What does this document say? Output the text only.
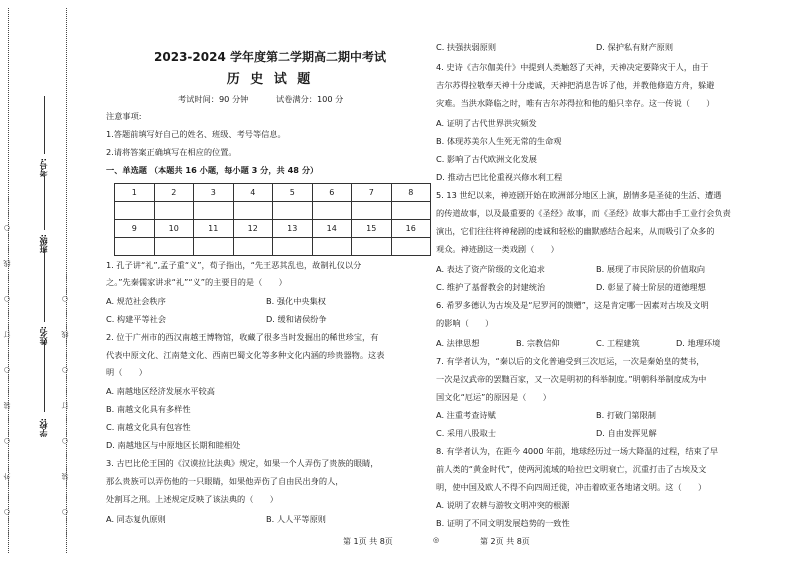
…………○…………外…………○…………装…………○…………订…………○…………线…………○…………	…………○…………装…………○…………订…………○…………线…………○…………
学校:
姓名:
班级:
考号:
2023-2024 学年度第二学期高二期中考试
历 史 试 题
考试时间：90 分钟	试卷满分：100 分
注意事项:
1.答题前填写好自己的姓名、班级、考号等信息。
2.请将答案正确填写在相应的位置。
一、单选题 （本题共 16 小题，每小题 3 分，共 48 分）
1	2	3	4	5	6	7	8

9	10	11	12	13	14	15	16

1. 孔子讲“礼”,孟子重“义”，荀子指出，“先王恶其乱也，故制礼仪以分
之。”先秦儒家讲求“礼”“义”的主要目的是（　　）
A. 规范社会秩序	B. 强化中央集权
C. 构建平等社会	D. 缓和诸侯纷争
2. 位于广州市的西汉南越王博物馆，收藏了很多当时发掘出的稀世珍宝，有
代表中原文化、江南楚文化、西南巴蜀文化等多种文化内涵的珍贵器物。这表
明（　　）
A. 南越地区经济发展水平较高
B. 南越文化具有多样性
C. 南越文化具有包容性
D. 南越地区与中原地区长期和睦相处
3. 古巴比伦王国的《汉谟拉比法典》规定，如果一个人弄伤了贵族的眼睛，
那么贵族可以弄伤他的一只眼睛，如果他弄伤了自由民出身的人，
处割耳之刑。上述规定反映了该法典的（　　）
A. 同态复仇原则	B. 人人平等原则
C. 扶强扶弱原则	D. 保护私有财产原则
4. 史诗《吉尔伽美什》中提到人类触怒了天神，天神决定要降灾于人，由于
吉尔苏得拉敬奉天神十分虔诚，天神把消息告诉了他，并教他修造方舟，躲避
灾难。当洪水降临之时，唯有吉尔苏得拉和他的船只幸存。这一传说（　　）
A. 证明了古代世界洪灾频发
B. 体现苏美尔人生死无常的生命观
C. 影响了古代欧洲文化发展
D. 推动古巴比伦重视兴修水利工程
5. 13 世纪以来，神迹剧开始在欧洲部分地区上演，剧情多是圣徒的生活、遭遇
的传道故事，以及最重要的《圣经》故事，而《圣经》故事大都由手工业行会负责
演出，它们往往将神秘剧的虔诚和轻松的幽默感结合起来，从而吸引了众多的
观众。神迹剧这一类戏剧（　　）
A. 表达了资产阶级的文化追求	B. 展现了市民阶层的价值取向
C. 维护了基督教会的封建统治	D. 彰显了骑士阶层的道德理想
6. 希罗多德认为古埃及是“尼罗河的馈赠”，这是肯定哪一因素对古埃及文明
的影响（　　）
A. 法律思想	B. 宗教信仰	C. 工程建筑	D. 地理环境
7. 有学者认为，“秦以后的文化普遍受到三次厄运，一次是秦始皇的焚书，
一次是汉武帝的罢黜百家，又一次是明初的科举制度。”明朝科举制度成为中
国文化“厄运”的原因是（　　）
A. 注重考查诗赋	B. 打破门第限制
C. 采用八股取士	D. 自由发挥见解
8. 有学者认为，在距今 4000 年前，地球经历过一场大降温的过程，结束了早
前人类的“黄金时代”，使两河流域的哈拉巴文明衰亡，沉重打击了古埃及文
明，使中国及欧人不得不向四周迁徙，冲击着欧亚各地诸文明。这（　　）
A. 说明了农耕与游牧文明冲突的根源
B. 证明了不同文明发展趋势的一致性
第 1页 共 8页	◎	第 2页 共 8页
